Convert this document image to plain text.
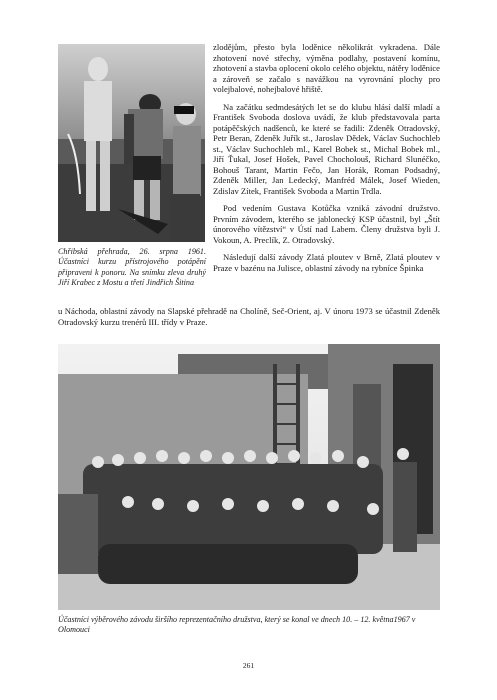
Chřibská přehrada, 26. srpna 1961. Účastníci kurzu přístrojového potápění připraveni k ponoru. Na snímku zleva druhý Jiří Krabec z Mostu a třetí Jindřich Šitina

zlodějům, přesto byla loděnice několikrát vykradena. Dále zhotovení nové střechy, výměna podlahy, postavení komínu, zhotovení a stavba oplocení okolo celého objektu, nátěry loděnice a zároveň se začalo s navážkou na vyrovnání plochy pro volejbalové, nohejbalové hřiště.

Na začátku sedmdesátých let se do klubu hlásí další mladí a František Svoboda doslova uvádí, že klub představovala parta potápěčských nadšenců, ke které se řadili: Zdeněk Otradovský, Petr Beran, Zdeněk Juřík st., Jaroslav Dědek, Václav Suchochleb st., Václav Suchochleb ml., Karel Bobek st., Michal Bobek ml., Jiří Ťukal, Josef Hošek, Pavel Chocholouš, Richard Slunéčko, Bohouš Tarant, Martin Fečo, Jan Horák, Roman Podsadný, Zdeněk Miller, Jan Ledecký, Manfréd Málek, Josef Wieden, Zdislav Zítek, František Svoboda a Martin Trdla.

Pod vedením Gustava Kotůčka vzniká závodní družstvo. Prvním závodem, kterého se jablonecký KSP účastnil, byl „Štít únorového vítězství“ v Ústí nad Labem. Členy družstva byli J. Vokoun, A. Preclík, Z. Otradovský.

Následují další závody Zlatá ploutev v Brně, Zlatá ploutev v Praze v bazénu na Julisce, oblastní závody na rybníce Špinka

u Náchoda, oblastní závody na Slapské přehradě na Cholíně, Seč-Orient, aj. V únoru 1973 se účastnil Zdeněk Otradovský kurzu trenérů III. třídy v Praze.
Účastníci výběrového závodu širšího reprezentačního družstva, který se konal ve dnech 10. – 12. května1967 v Olomouci
261
